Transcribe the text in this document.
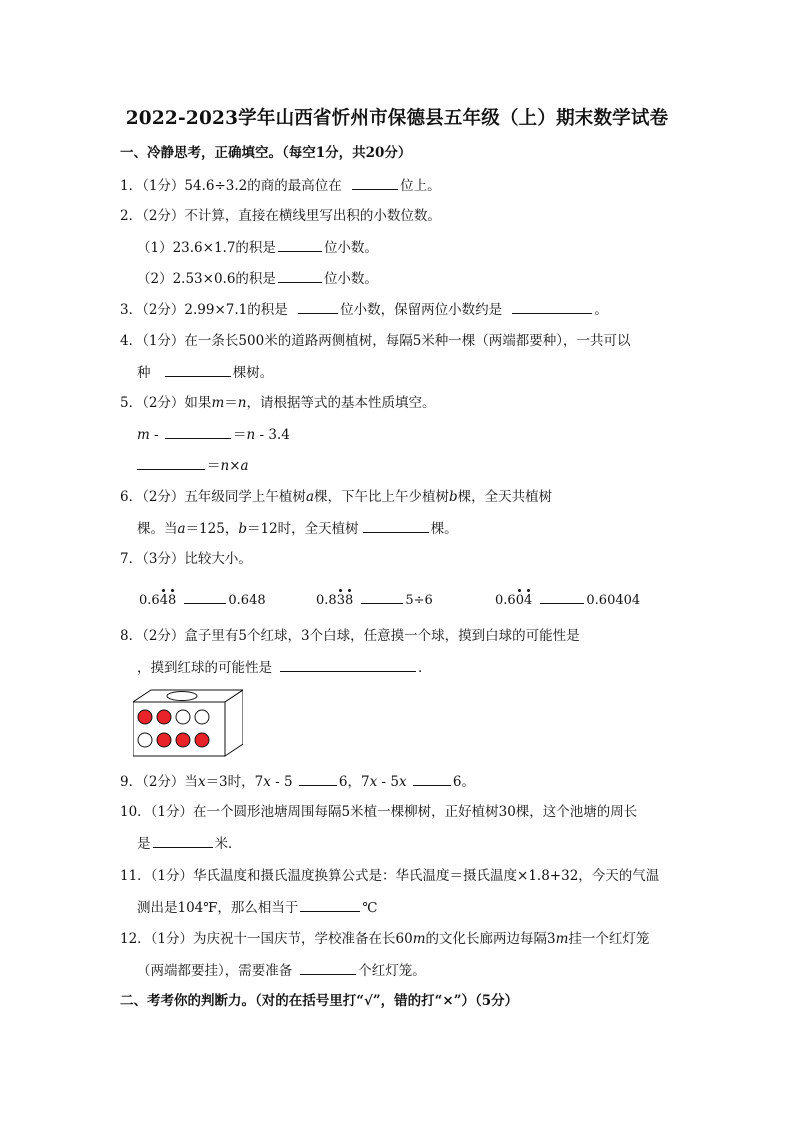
2022-2023学年山西省忻州市保德县五年级（上）期末数学试卷
一、冷静思考，正确填空。（每空1分，共20分）
1．（1分）54.6÷3.2的商的最高位在	位上。
2．（2分）不计算，直接在横线里写出积的小数位数。
（1）23.6×1.7的积是	位小数。
（2）2.53×0.6的积是	位小数。
3．（2分）2.99×7.1的积是	位小数，保留两位小数约是	。
4．（1分）在一条长500米的道路两侧植树，每隔5米种一棵（两端都要种），一共可以
种	棵树。
5．（2分）如果m＝n，请根据等式的基本性质填空。
m -	＝n - 3.4
＝n×a
6．（2分）五年级同学上午植树a棵，下午比上午少植树b棵，全天共植树
棵。当a＝125，b＝12时，全天植树	棵。
7．（3分）比较大小。
0.6
4
8	0.648	0.8
3
8	5÷6	0.6
0
4	0.60404
8．（2分）盒子里有5个红球，3个白球，任意摸一个球，摸到白球的可能性是
，摸到红球的可能性是	．
9．（2分）当x＝3时，7x - 5	6，7x - 5x	6。
10．（1分）在一个圆形池塘周围每隔5米植一棵柳树，正好植树30棵，这个池塘的周长
是	米．
11．（1分）华氏温度和摄氏温度换算公式是：华氏温度＝摄氏温度×1.8+32，今天的气温
测出是104℉，那么相当于	℃
12．（1分）为庆祝十一国庆节，学校准备在长60m的文化长廊两边每隔3m挂一个红灯笼
（两端都要挂），需要准备	个红灯笼。
二、考考你的判断力。（对的在括号里打“√”，错的打“×”）（5分）
